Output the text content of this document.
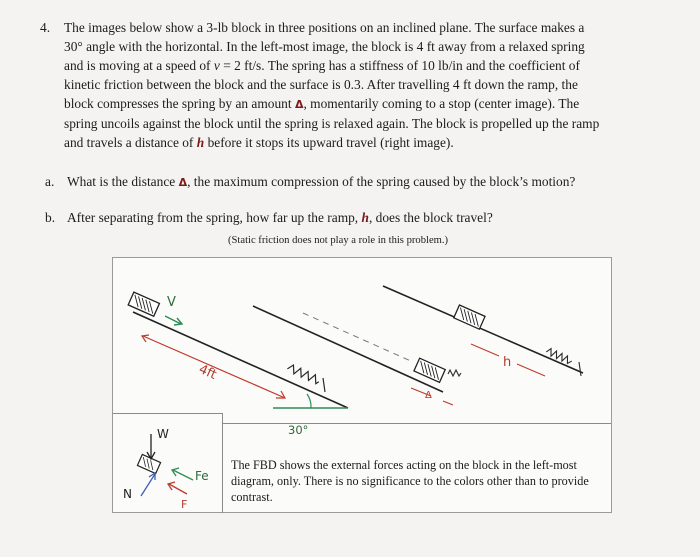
4. The images below show a 3-lb block in three positions on an inclined plane. The surface makes a
30° angle with the horizontal. In the left-most image, the block is 4 ft away from a relaxed spring
and is moving at a speed of v = 2 ft/s. The spring has a stiffness of 10 lb/in and the coefficient of
kinetic friction between the block and the surface is 0.3. After travelling 4 ft down the ramp, the
block compresses the spring by an amount Δ, momentarily coming to a stop (center image). The
spring uncoils against the block until the spring is relaxed again. The block is propelled up the ramp
and travels a distance of h before it stops its upward travel (right image).
a. What is the distance Δ, the maximum compression of the spring caused by the block’s motion?
b. After separating from the spring, how far up the ramp, h, does the block travel?
(Static friction does not play a role in this problem.)
V
4ft
30°
Δ
h
W
N
Fe
F
The FBD shows the external forces acting on the block in the left-most diagram, only. There is no significance to the colors other than to provide contrast.
